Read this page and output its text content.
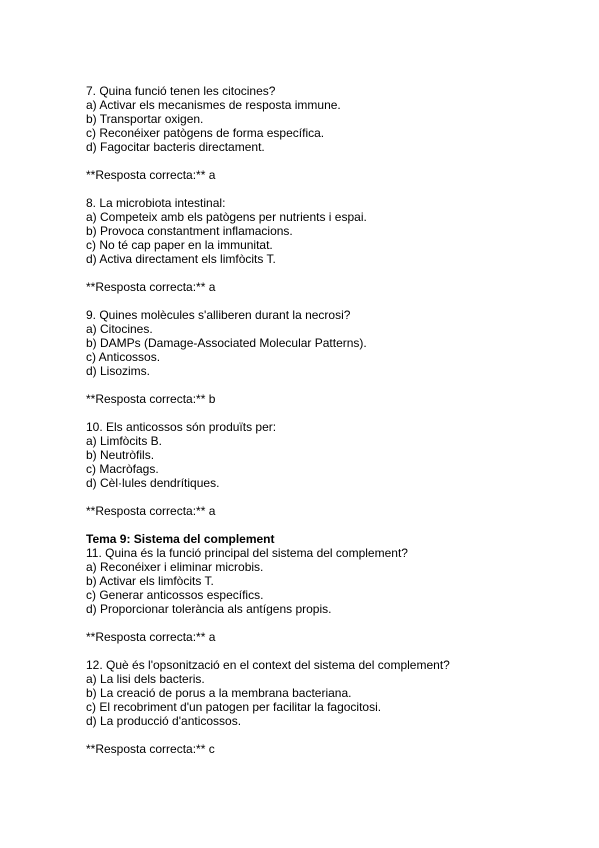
7. Quina funció tenen les citocines?
a) Activar els mecanismes de resposta immune.
b) Transportar oxigen.
c) Reconéixer patògens de forma específica.
d) Fagocitar bacteris directament.
**Resposta correcta:** a
8. La microbiota intestinal:
a) Competeix amb els patògens per nutrients i espai.
b) Provoca constantment inflamacions.
c) No té cap paper en la immunitat.
d) Activa directament els limfòcits T.
**Resposta correcta:** a
9. Quines molècules s'alliberen durant la necrosi?
a) Citocines.
b) DAMPs (Damage-Associated Molecular Patterns).
c) Anticossos.
d) Lisozims.
**Resposta correcta:** b
10. Els anticossos són produïts per:
a) Limfòcits B.
b) Neutròfils.
c) Macròfags.
d) Cèl·lules dendrítiques.
**Resposta correcta:** a
Tema 9: Sistema del complement
11. Quina és la funció principal del sistema del complement?
a) Reconéixer i eliminar microbis.
b) Activar els limfòcits T.
c) Generar anticossos específics.
d) Proporcionar tolerància als antígens propis.
**Resposta correcta:** a
12. Què és l'opsonització en el context del sistema del complement?
a) La lisi dels bacteris.
b) La creació de porus a la membrana bacteriana.
c) El recobriment d'un patogen per facilitar la fagocitosi.
d) La producció d'anticossos.
**Resposta correcta:** c
